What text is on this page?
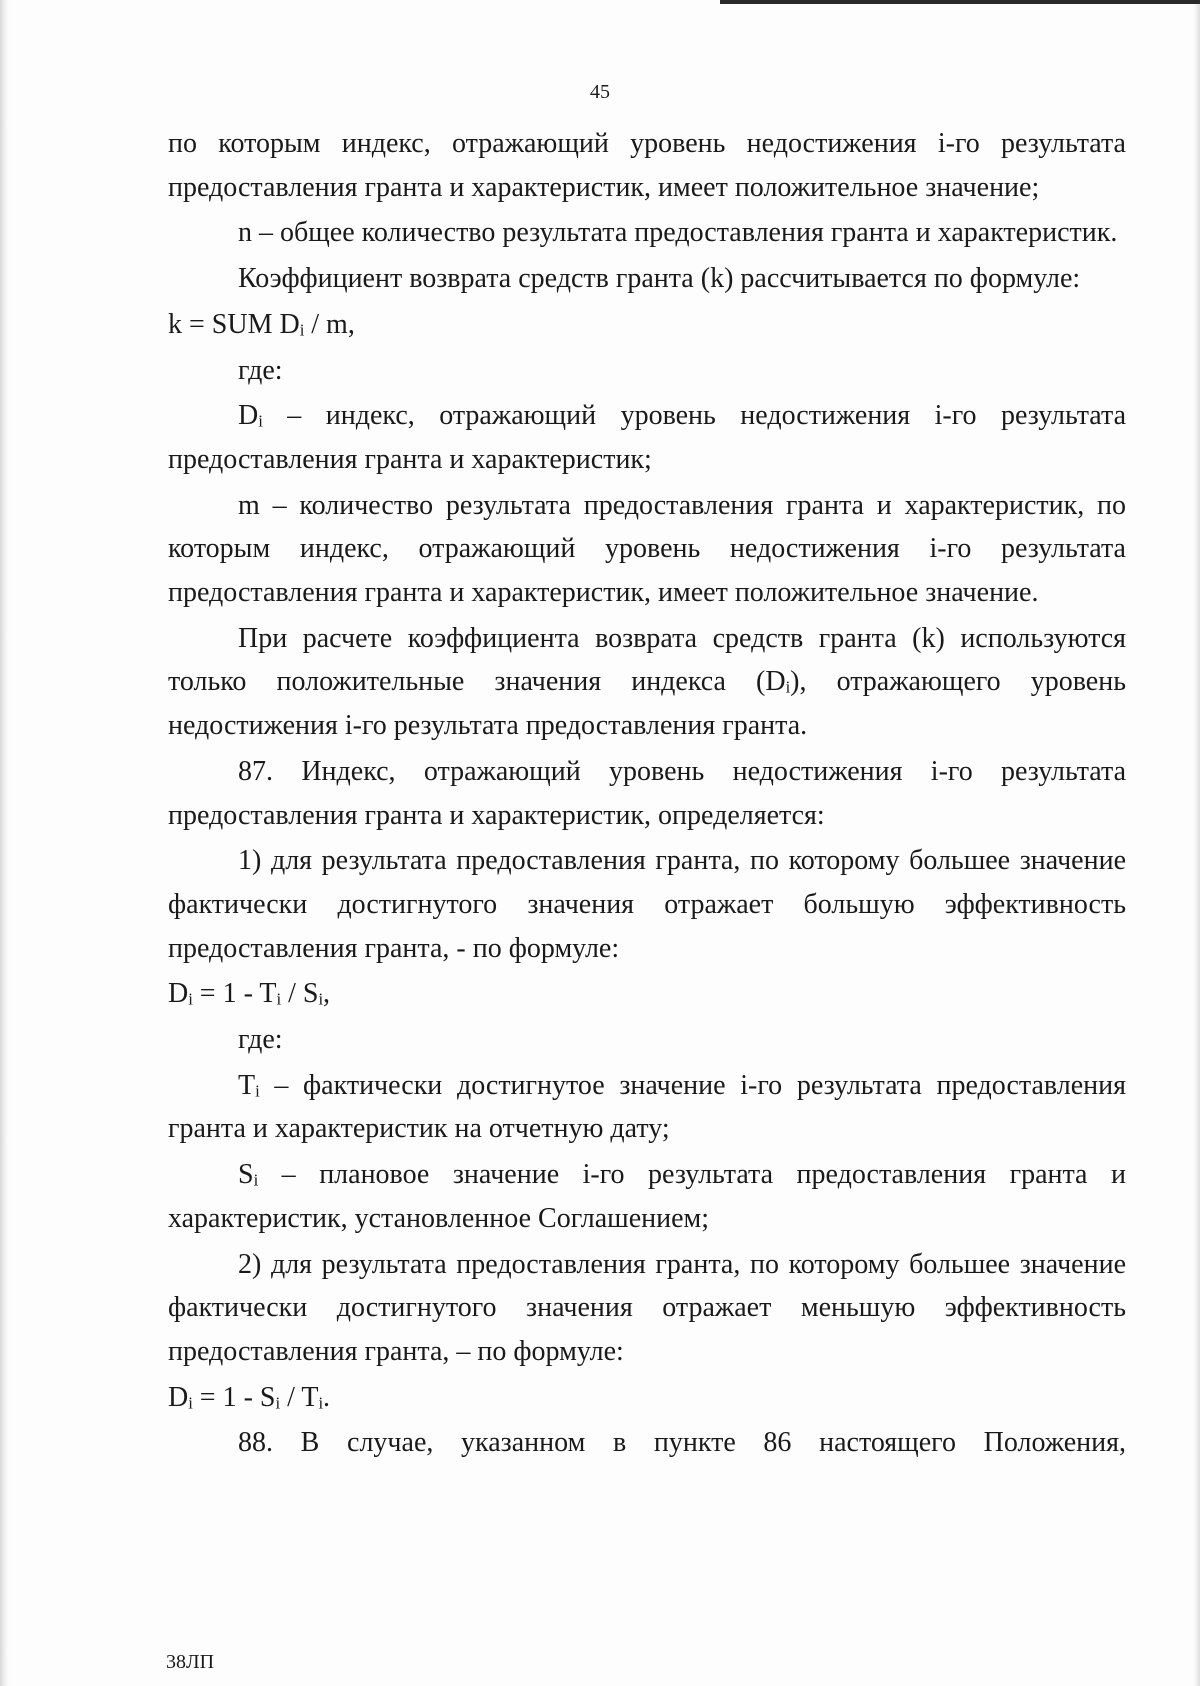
45

по которым индекс, отражающий уровень недостижения i-го результата предоставления гранта и характеристик, имеет положительное значение;

n – общее количество результата предоставления гранта и характеристик.

Коэффициент возврата средств гранта (k) рассчитывается по формуле:

k = SUM Dᵢ / m,

где:

Dᵢ – индекс, отражающий уровень недостижения i-го результата предоставления гранта и характеристик;

m – количество результата предоставления гранта и характеристик, по которым индекс, отражающий уровень недостижения i-го результата предоставления гранта и характеристик, имеет положительное значение.

При расчете коэффициента возврата средств гранта (k) используются только положительные значения индекса (Dᵢ), отражающего уровень недостижения i-го результата предоставления гранта.

87. Индекс, отражающий уровень недостижения i-го результата предоставления гранта и характеристик, определяется:

1) для результата предоставления гранта, по которому большее значение фактически достигнутого значения отражает большую эффективность предоставления гранта, - по формуле:

Dᵢ = 1 - Tᵢ / Sᵢ,

где:

Tᵢ – фактически достигнутое значение i-го результата предоставления гранта и характеристик на отчетную дату;

Sᵢ – плановое значение i-го результата предоставления гранта и характеристик, установленное Соглашением;

2) для результата предоставления гранта, по которому большее значение фактически достигнутого значения отражает меньшую эффективность предоставления гранта, – по формуле:

Dᵢ = 1 - Sᵢ / Tᵢ.

88. В случае, указанном в пункте 86 настоящего Положения,

38ЛП
